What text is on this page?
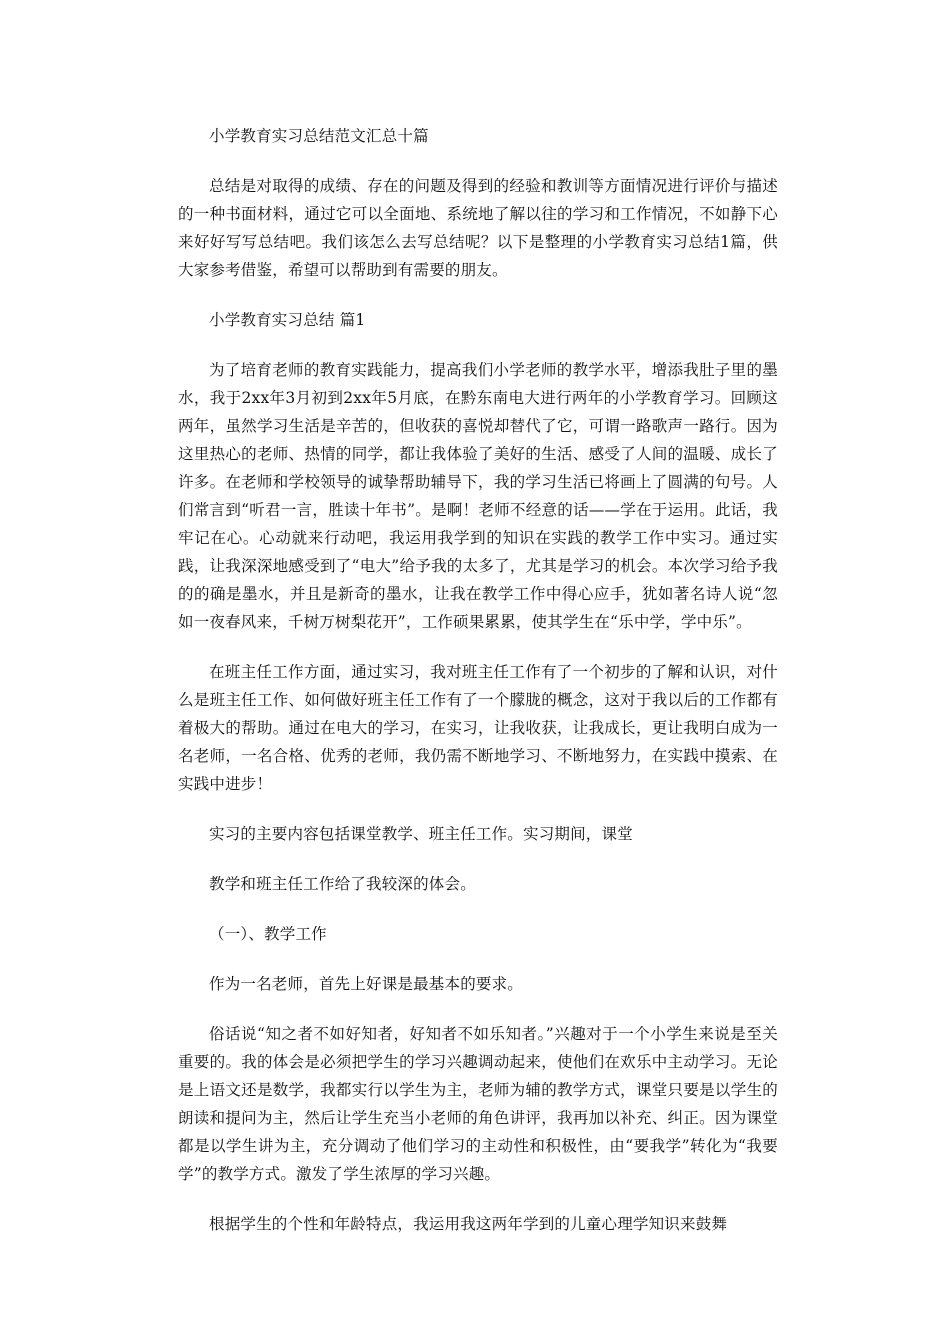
小学教育实习总结范文汇总十篇

总结是对取得的成绩、存在的问题及得到的经验和教训等方面情况进行评价与描述的一种书面材料，通过它可以全面地、系统地了解以往的学习和工作情况，不如静下心来好好写写总结吧。我们该怎么去写总结呢？以下是整理的小学教育实习总结1篇，供大家参考借鉴，希望可以帮助到有需要的朋友。

小学教育实习总结 篇1

为了培育老师的教育实践能力，提高我们小学老师的教学水平，增添我肚子里的墨水，我于2xx年3月初到2xx年5月底，在黔东南电大进行两年的小学教育学习。回顾这两年，虽然学习生活是辛苦的，但收获的喜悦却替代了它，可谓一路歌声一路行。因为这里热心的老师、热情的同学，都让我体验了美好的生活、感受了人间的温暖、成长了许多。在老师和学校领导的诚挚帮助辅导下，我的学习生活已将画上了圆满的句号。人们常言到“听君一言，胜读十年书”。是啊！老师不经意的话——学在于运用。此话，我牢记在心。心动就来行动吧，我运用我学到的知识在实践的教学工作中实习。通过实践，让我深深地感受到了“电大”给予我的太多了，尤其是学习的机会。本次学习给予我的的确是墨水，并且是新奇的墨水，让我在教学工作中得心应手，犹如著名诗人说“忽如一夜春风来，千树万树梨花开”，工作硕果累累，使其学生在“乐中学，学中乐”。

在班主任工作方面，通过实习，我对班主任工作有了一个初步的了解和认识，对什么是班主任工作、如何做好班主任工作有了一个朦胧的概念，这对于我以后的工作都有着极大的帮助。通过在电大的学习，在实习，让我收获，让我成长，更让我明白成为一名老师，一名合格、优秀的老师，我仍需不断地学习、不断地努力，在实践中摸索、在实践中进步！

实习的主要内容包括课堂教学、班主任工作。实习期间，课堂

教学和班主任工作给了我较深的体会。

（一）、教学工作

作为一名老师，首先上好课是最基本的要求。

俗话说“知之者不如好知者，好知者不如乐知者。”兴趣对于一个小学生来说是至关重要的。我的体会是必须把学生的学习兴趣调动起来，使他们在欢乐中主动学习。无论是上语文还是数学，我都实行以学生为主，老师为辅的教学方式，课堂只要是以学生的朗读和提问为主，然后让学生充当小老师的角色讲评，我再加以补充、纠正。因为课堂都是以学生讲为主，充分调动了他们学习的主动性和积极性，由“要我学”转化为“我要学”的教学方式。激发了学生浓厚的学习兴趣。

根据学生的个性和年龄特点，我运用我这两年学到的儿童心理学知识来鼓舞
